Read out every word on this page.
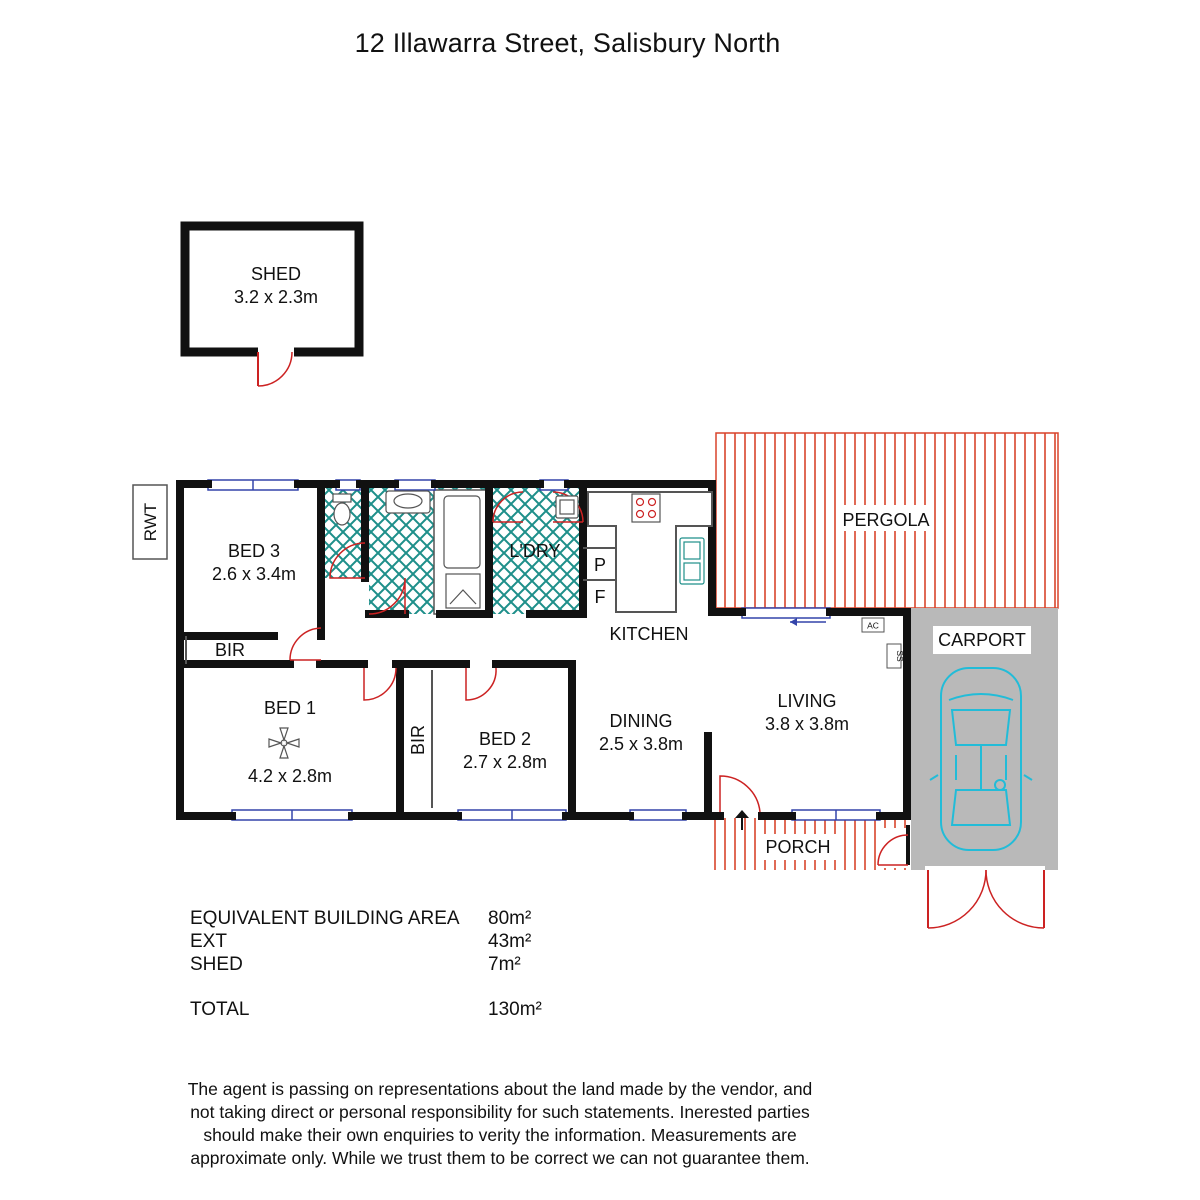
12 Illawarra Street, Salisbury North
SHED
3.2 x 2.3m
PERGOLA
CARPORT
PORCH
RWT
AC
SS
P
F
BED 3
2.6 x 3.4m
BIR
L'DRY
KITCHEN
BED 1
4.2 x 2.8m
BIR	BED 2
2.7 x 2.8m
DINING
2.5 x 3.8m
LIVING
3.8 x 3.8m
EQUIVALENT BUILDING AREA 80m²
EXT	43m²
SHED	7m²
TOTAL	130m²
The agent is passing on representations about the land made by the vendor, and
not taking direct or personal responsibility for such statements. Inerested parties
should make their own enquiries to verity the information. Measurements are
approximate only. While we trust them to be correct we can not guarantee them.
